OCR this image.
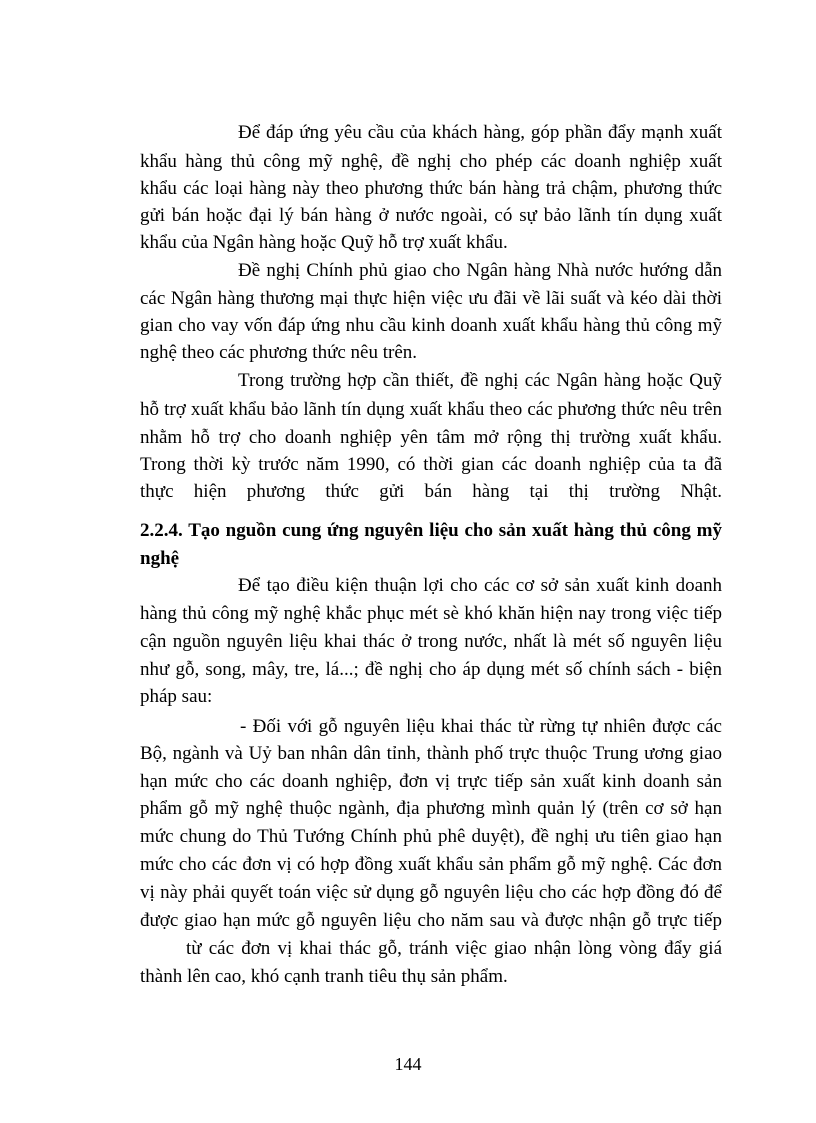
Để đáp ứng yêu cầu của khách hàng, góp phần đẩy mạnh xuất
khẩu hàng thủ công mỹ nghệ, đề nghị cho phép các doanh nghiệp xuất
khẩu các loại hàng này theo phương thức bán hàng trả chậm, phương thức
gửi bán hoặc đại lý bán hàng ở nước ngoài, có sự bảo lãnh tín dụng xuất
khẩu của Ngân hàng hoặc Quỹ hỗ trợ xuất khẩu.
Đề nghị Chính phủ giao cho Ngân hàng Nhà nước hướng dẫn
các Ngân hàng thương mại thực hiện việc ưu đãi về lãi suất và kéo dài thời
gian cho vay vốn đáp ứng nhu cầu kinh doanh xuất khẩu hàng thủ công mỹ
nghệ theo các phương thức nêu trên.
Trong trường hợp cần thiết, đề nghị các Ngân hàng hoặc Quỹ
hỗ trợ xuất khẩu bảo lãnh tín dụng xuất khẩu theo các phương thức nêu trên
nhằm hỗ trợ cho doanh nghiệp yên tâm mở rộng thị trường xuất khẩu.
Trong thời kỳ trước năm 1990, có thời gian các doanh nghiệp của ta đã
thực hiện phương thức gửi bán hàng tại thị trường Nhật.
2.2.4. Tạo nguồn cung ứng nguyên liệu cho sản xuất hàng thủ công mỹ
nghệ
Để tạo điều kiện thuận lợi cho các cơ sở sản xuất kinh doanh
hàng thủ công mỹ nghệ khắc phục mét sè khó khăn hiện nay trong việc tiếp
cận nguồn nguyên liệu khai thác ở trong nước, nhất là mét số nguyên liệu
như gỗ, song, mây, tre, lá...; đề nghị cho áp dụng mét số chính sách - biện
pháp sau:
- Đối với gỗ nguyên liệu khai thác từ rừng tự nhiên được các
Bộ, ngành và Uỷ ban nhân dân tỉnh, thành phố trực thuộc Trung ương giao
hạn mức cho các doanh nghiệp, đơn vị trực tiếp sản xuất kinh doanh sản
phẩm gỗ mỹ nghệ thuộc ngành, địa phương mình quản lý (trên cơ sở hạn
mức chung do Thủ Tướng Chính phủ phê duyệt), đề nghị ưu tiên giao hạn
mức cho các đơn vị có hợp đồng xuất khẩu sản phẩm gỗ mỹ nghệ. Các đơn
vị này phải quyết toán việc sử dụng gỗ nguyên liệu cho các hợp đồng đó để
được giao hạn mức gỗ nguyên liệu cho năm sau và được nhận gỗ trực tiếp
từ các đơn vị khai thác gỗ, tránh việc giao nhận lòng vòng đẩy giá
thành lên cao, khó cạnh tranh tiêu thụ sản phẩm.
144
